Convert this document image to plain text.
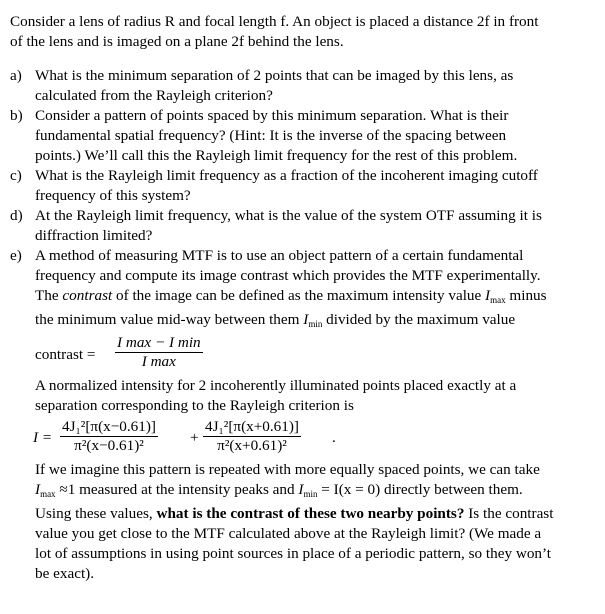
Consider a lens of radius R and focal length f. An object is placed a distance 2f in front
of the lens and is imaged on a plane 2f behind the lens.
a) What is the minimum separation of 2 points that can be imaged by this lens, as
calculated from the Rayleigh criterion?
b) Consider a pattern of points spaced by this minimum separation. What is their
fundamental spatial frequency? (Hint: It is the inverse of the spacing between
points.) We’ll call this the Rayleigh limit frequency for the rest of this problem.
c) What is the Rayleigh limit frequency as a fraction of the incoherent imaging cutoff
frequency of this system?
d) At the Rayleigh limit frequency, what is the value of the system OTF assuming it is
diffraction limited?
e) A method of measuring MTF is to use an object pattern of a certain fundamental
frequency and compute its image contrast which provides the MTF experimentally.
The contrast of the image can be defined as the maximum intensity value $I_{max}$ minus
the minimum value mid-way between them $I_{min}$ divided by the maximum value
contrast =
I max − I min
I max
A normalized intensity for 2 incoherently illuminated points placed exactly at a
separation corresponding to the Rayleigh criterion is
$I = \frac{\text{4J₁²[π(x−0.61)]}}{\text{π²(x−0.61)²}} + \frac{\text{4J₁²[π(x+0.61)]}}{\text{π²(x+0.61)²}}$ .
If we imagine this pattern is repeated with more equally spaced points, we can take
$I_{max} \approx 1$ measured at the intensity peaks and $I_{min} = I(x = 0)$ directly between them.
Using these values, what is the contrast of these two nearby points? Is the contrast
value you get close to the MTF calculated above at the Rayleigh limit? (We made a
lot of assumptions in using point sources in place of a periodic pattern, so they won’t
be exact).
